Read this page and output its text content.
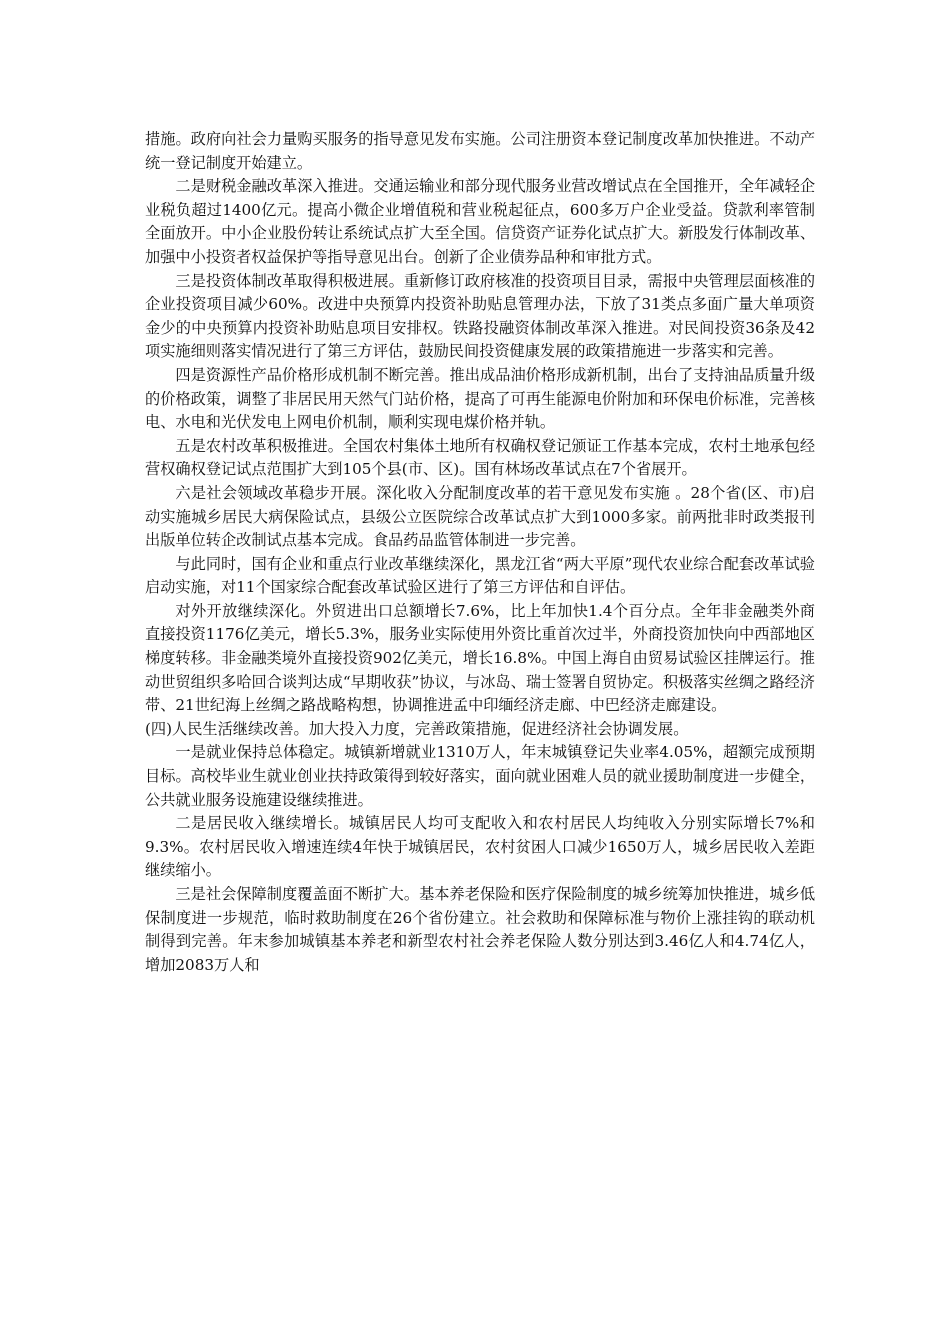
措施。政府向社会力量购买服务的指导意见发布实施。公司注册资本登记制度改革加快推进。不动产统一登记制度开始建立。

二是财税金融改革深入推进。交通运输业和部分现代服务业营改增试点在全国推开，全年减轻企业税负超过1400亿元。提高小微企业增值税和营业税起征点，600多万户企业受益。贷款利率管制全面放开。中小企业股份转让系统试点扩大至全国。信贷资产证券化试点扩大。新股发行体制改革、加强中小投资者权益保护等指导意见出台。创新了企业债券品种和审批方式。

三是投资体制改革取得积极进展。重新修订政府核准的投资项目目录，需报中央管理层面核准的企业投资项目减少60%。改进中央预算内投资补助贴息管理办法，下放了31类点多面广量大单项资金少的中央预算内投资补助贴息项目安排权。铁路投融资体制改革深入推进。对民间投资36条及42项实施细则落实情况进行了第三方评估，鼓励民间投资健康发展的政策措施进一步落实和完善。

四是资源性产品价格形成机制不断完善。推出成品油价格形成新机制，出台了支持油品质量升级的价格政策，调整了非居民用天然气门站价格，提高了可再生能源电价附加和环保电价标准，完善核电、水电和光伏发电上网电价机制，顺利实现电煤价格并轨。

五是农村改革积极推进。全国农村集体土地所有权确权登记颁证工作基本完成，农村土地承包经营权确权登记试点范围扩大到105个县(市、区)。国有林场改革试点在7个省展开。

六是社会领域改革稳步开展。深化收入分配制度改革的若干意见发布实施 。28个省(区、市)启动实施城乡居民大病保险试点，县级公立医院综合改革试点扩大到1000多家。前两批非时政类报刊出版单位转企改制试点基本完成。食品药品监管体制进一步完善。

与此同时，国有企业和重点行业改革继续深化，黑龙江省“两大平原”现代农业综合配套改革试验启动实施，对11个国家综合配套改革试验区进行了第三方评估和自评估。

对外开放继续深化。外贸进出口总额增长7.6%，比上年加快1.4个百分点。全年非金融类外商直接投资1176亿美元，增长5.3%，服务业实际使用外资比重首次过半，外商投资加快向中西部地区梯度转移。非金融类境外直接投资902亿美元，增长16.8%。中国上海自由贸易试验区挂牌运行。推动世贸组织多哈回合谈判达成“早期收获”协议，与冰岛、瑞士签署自贸协定。积极落实丝绸之路经济带、21世纪海上丝绸之路战略构想，协调推进孟中印缅经济走廊、中巴经济走廊建设。

(四)人民生活继续改善。加大投入力度，完善政策措施，促进经济社会协调发展。

一是就业保持总体稳定。城镇新增就业1310万人，年末城镇登记失业率4.05%，超额完成预期目标。高校毕业生就业创业扶持政策得到较好落实，面向就业困难人员的就业援助制度进一步健全，公共就业服务设施建设继续推进。

二是居民收入继续增长。城镇居民人均可支配收入和农村居民人均纯收入分别实际增长7%和9.3%。农村居民收入增速连续4年快于城镇居民，农村贫困人口减少1650万人，城乡居民收入差距继续缩小。

三是社会保障制度覆盖面不断扩大。基本养老保险和医疗保险制度的城乡统筹加快推进，城乡低保制度进一步规范，临时救助制度在26个省份建立。社会救助和保障标准与物价上涨挂钩的联动机制得到完善。年末参加城镇基本养老和新型农村社会养老保险人数分别达到3.46亿人和4.74亿人，增加2083万人和
